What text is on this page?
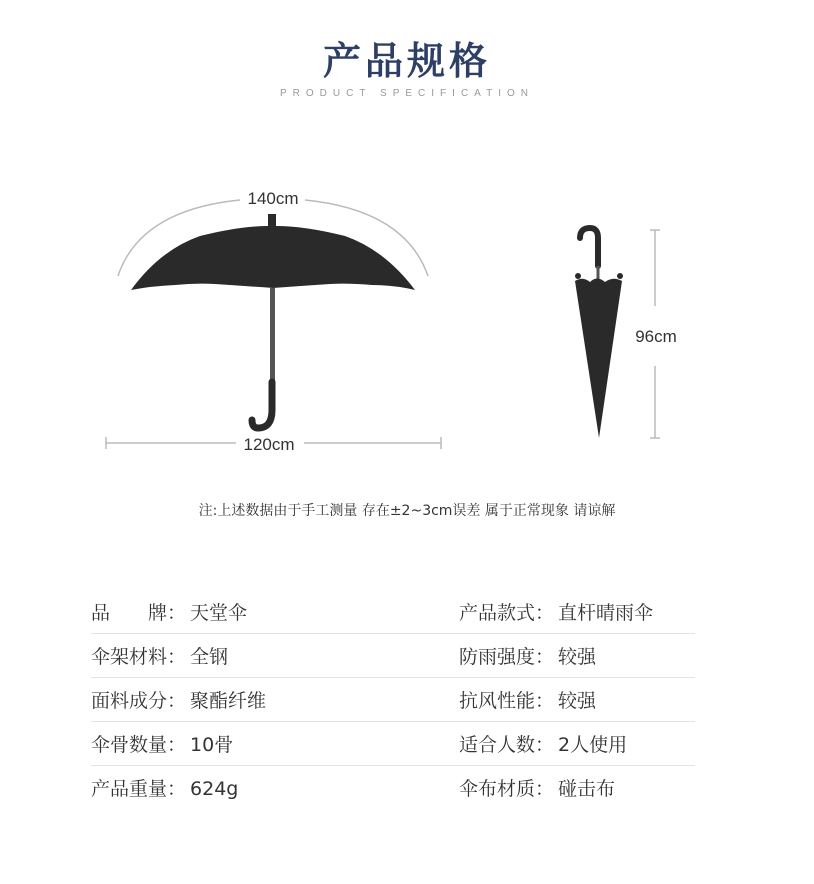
产品规格
PRODUCT SPECIFICATION
140cm
120cm
96cm
注:上述数据由于手工测量 存在±2~3cm误差 属于正常现象 请谅解
品　　牌： 天堂伞	产品款式： 直杆晴雨伞
伞架材料： 全钢	防雨强度： 较强
面料成分： 聚酯纤维	抗风性能： 较强
伞骨数量： 10骨	适合人数： 2人使用
产品重量： 624g	伞布材质： 碰击布
